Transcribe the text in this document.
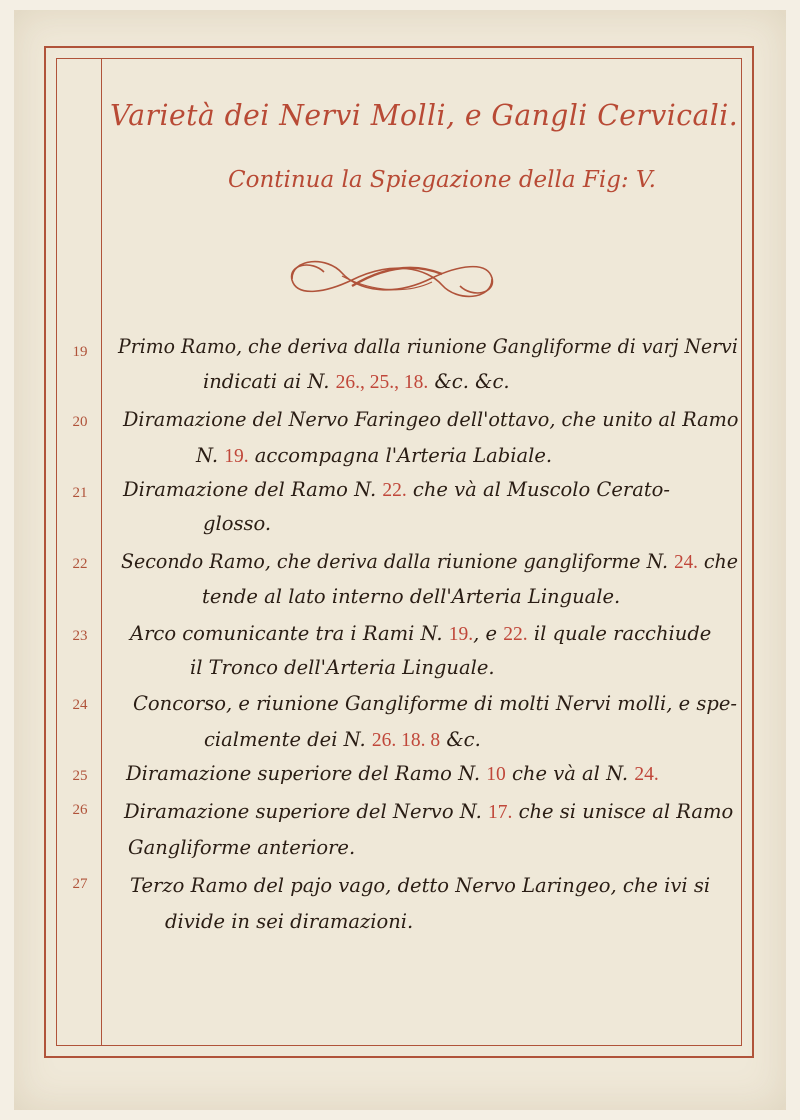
Varietà dei Nervi Molli, e Gangli Cervicali.
Continua la Spiegazione della Fig: V.
19	Primo Ramo, che deriva dalla riunione Gangliforme di varj Nervi
indicati ai N. 26., 25., 18. &c. &c.
20	Diramazione del Nervo Faringeo dell'ottavo, che unito al Ramo
N. 19. accompagna l'Arteria Labiale.
21	Diramazione del Ramo N. 22. che và al Muscolo Cerato-
glosso.
22	Secondo Ramo, che deriva dalla riunione gangliforme N. 24. che
tende al lato interno dell'Arteria Linguale.
23	Arco comunicante tra i Rami N. 19., e 22. il quale racchiude
il Tronco dell'Arteria Linguale.
24	Concorso, e riunione Gangliforme di molti Nervi molli, e spe-
cialmente dei N. 26. 18. 8 &c.
25	Diramazione superiore del Ramo N. 10 che và al N. 24.
26	Diramazione superiore del Nervo N. 17. che si unisce al Ramo
Gangliforme anteriore.
27	Terzo Ramo del pajo vago, detto Nervo Laringeo, che ivi si
divide in sei diramazioni.
